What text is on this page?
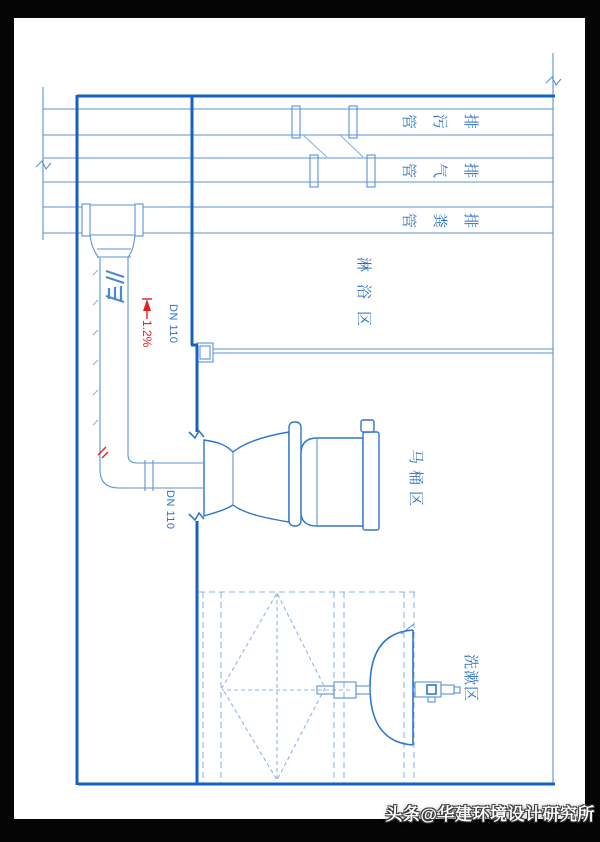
排污管
排气管
排粪管
淋浴区
马桶区
洗漱区
DN 110
1.2%
DN 110
头条@华建环境设计研究所
